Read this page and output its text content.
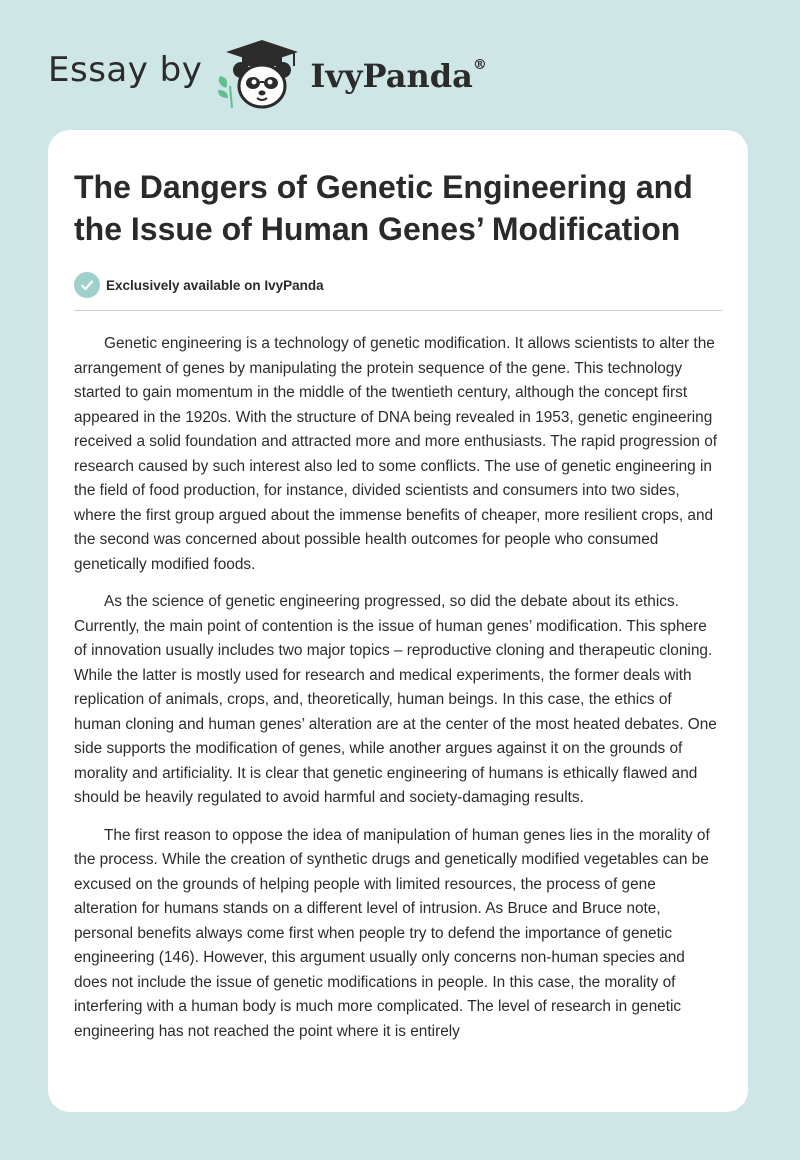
Essay by	IvyPanda®
The Dangers of Genetic Engineering and the Issue of Human Genes’ Modification
Exclusively available on IvyPanda

Genetic engineering is a technology of genetic modification. It allows scientists to alter the arrangement of genes by manipulating the protein sequence of the gene. This technology started to gain momentum in the middle of the twentieth century, although the concept first appeared in the 1920s. With the structure of DNA being revealed in 1953, genetic engineering received a solid foundation and attracted more and more enthusiasts. The rapid progression of research caused by such interest also led to some conflicts. The use of genetic engineering in the field of food production, for instance, divided scientists and consumers into two sides, where the first group argued about the immense benefits of cheaper, more resilient crops, and the second was concerned about possible health outcomes for people who consumed genetically modified foods.

As the science of genetic engineering progressed, so did the debate about its ethics. Currently, the main point of contention is the issue of human genes’ modification. This sphere of innovation usually includes two major topics – reproductive cloning and therapeutic cloning. While the latter is mostly used for research and medical experiments, the former deals with replication of animals, crops, and, theoretically, human beings. In this case, the ethics of human cloning and human genes’ alteration are at the center of the most heated debates. One side supports the modification of genes, while another argues against it on the grounds of morality and artificiality. It is clear that genetic engineering of humans is ethically flawed and should be heavily regulated to avoid harmful and society-damaging results.

The first reason to oppose the idea of manipulation of human genes lies in the morality of the process. While the creation of synthetic drugs and genetically modified vegetables can be excused on the grounds of helping people with limited resources, the process of gene alteration for humans stands on a different level of intrusion. As Bruce and Bruce note, personal benefits always come first when people try to defend the importance of genetic engineering (146). However, this argument usually only concerns non-human species and does not include the issue of genetic modifications in people. In this case, the morality of interfering with a human body is much more complicated. The level of research in genetic engineering has not reached the point where it is entirely
